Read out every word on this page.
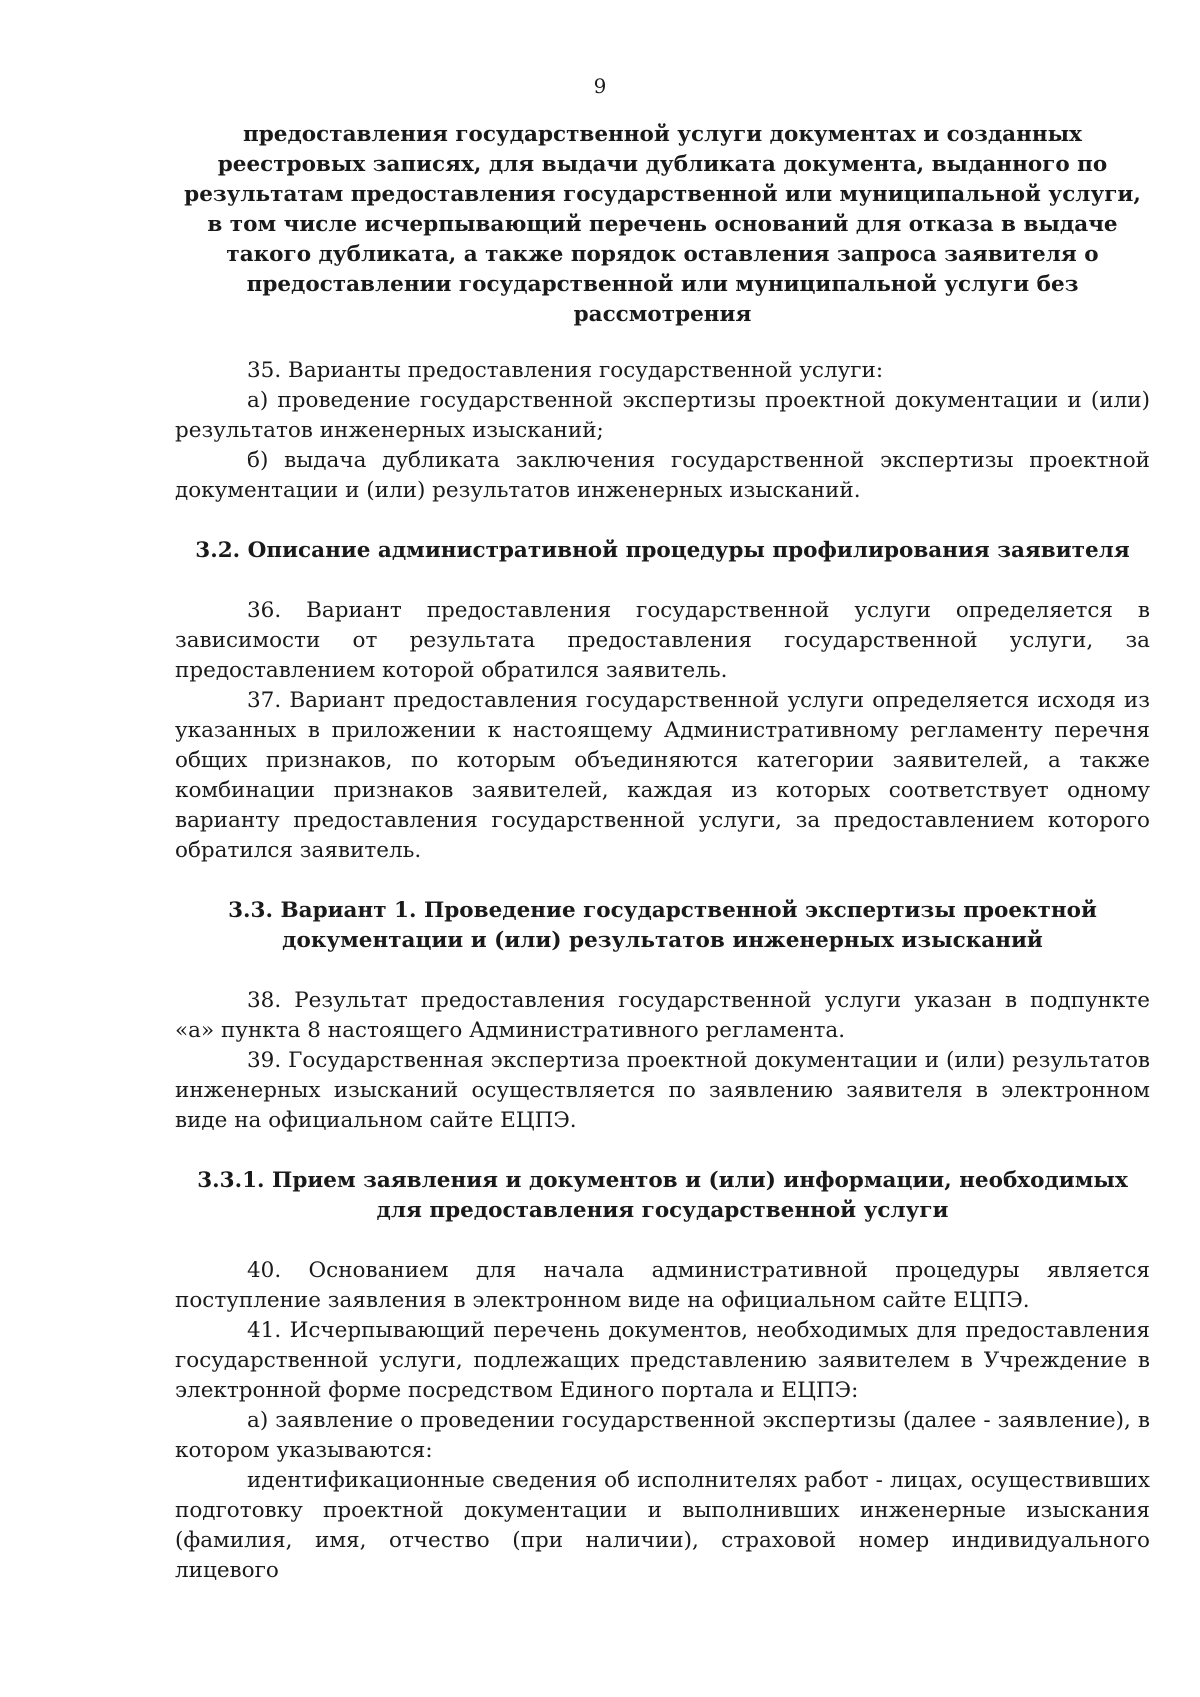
9

предоставления государственной услуги документах и созданных реестровых записях, для выдачи дубликата документа, выданного по результатам предоставления государственной или муниципальной услуги, в том числе исчерпывающий перечень оснований для отказа в выдаче такого дубликата, а также порядок оставления запроса заявителя о предоставлении государственной или муниципальной услуги без рассмотрения

35. Варианты предоставления государственной услуги:

а) проведение государственной экспертизы проектной документации и (или) результатов инженерных изысканий;

б) выдача дубликата заключения государственной экспертизы проектной документации и (или) результатов инженерных изысканий.

3.2. Описание административной процедуры профилирования заявителя

36. Вариант предоставления государственной услуги определяется в зависимости от результата предоставления государственной услуги, за предоставлением которой обратился заявитель.

37. Вариант предоставления государственной услуги определяется исходя из указанных в приложении к настоящему Административному регламенту перечня общих признаков, по которым объединяются категории заявителей, а также комбинации признаков заявителей, каждая из которых соответствует одному варианту предоставления государственной услуги, за предоставлением которого обратился заявитель.

3.3. Вариант 1. Проведение государственной экспертизы проектной документации и (или) результатов инженерных изысканий

38. Результат предоставления государственной услуги указан в подпункте «а» пункта 8 настоящего Административного регламента.

39. Государственная экспертиза проектной документации и (или) результатов инженерных изысканий осуществляется по заявлению заявителя в электронном виде на официальном сайте ЕЦПЭ.

3.3.1. Прием заявления и документов и (или) информации, необходимых для предоставления государственной услуги

40. Основанием для начала административной процедуры является поступление заявления в электронном виде на официальном сайте ЕЦПЭ.

41. Исчерпывающий перечень документов, необходимых для предоставления государственной услуги, подлежащих представлению заявителем в Учреждение в электронной форме посредством Единого портала и ЕЦПЭ:

а) заявление о проведении государственной экспертизы (далее - заявление), в котором указываются:

идентификационные сведения об исполнителях работ - лицах, осуществивших подготовку проектной документации и выполнивших инженерные изыскания (фамилия, имя, отчество (при наличии), страховой номер индивидуального лицевого
